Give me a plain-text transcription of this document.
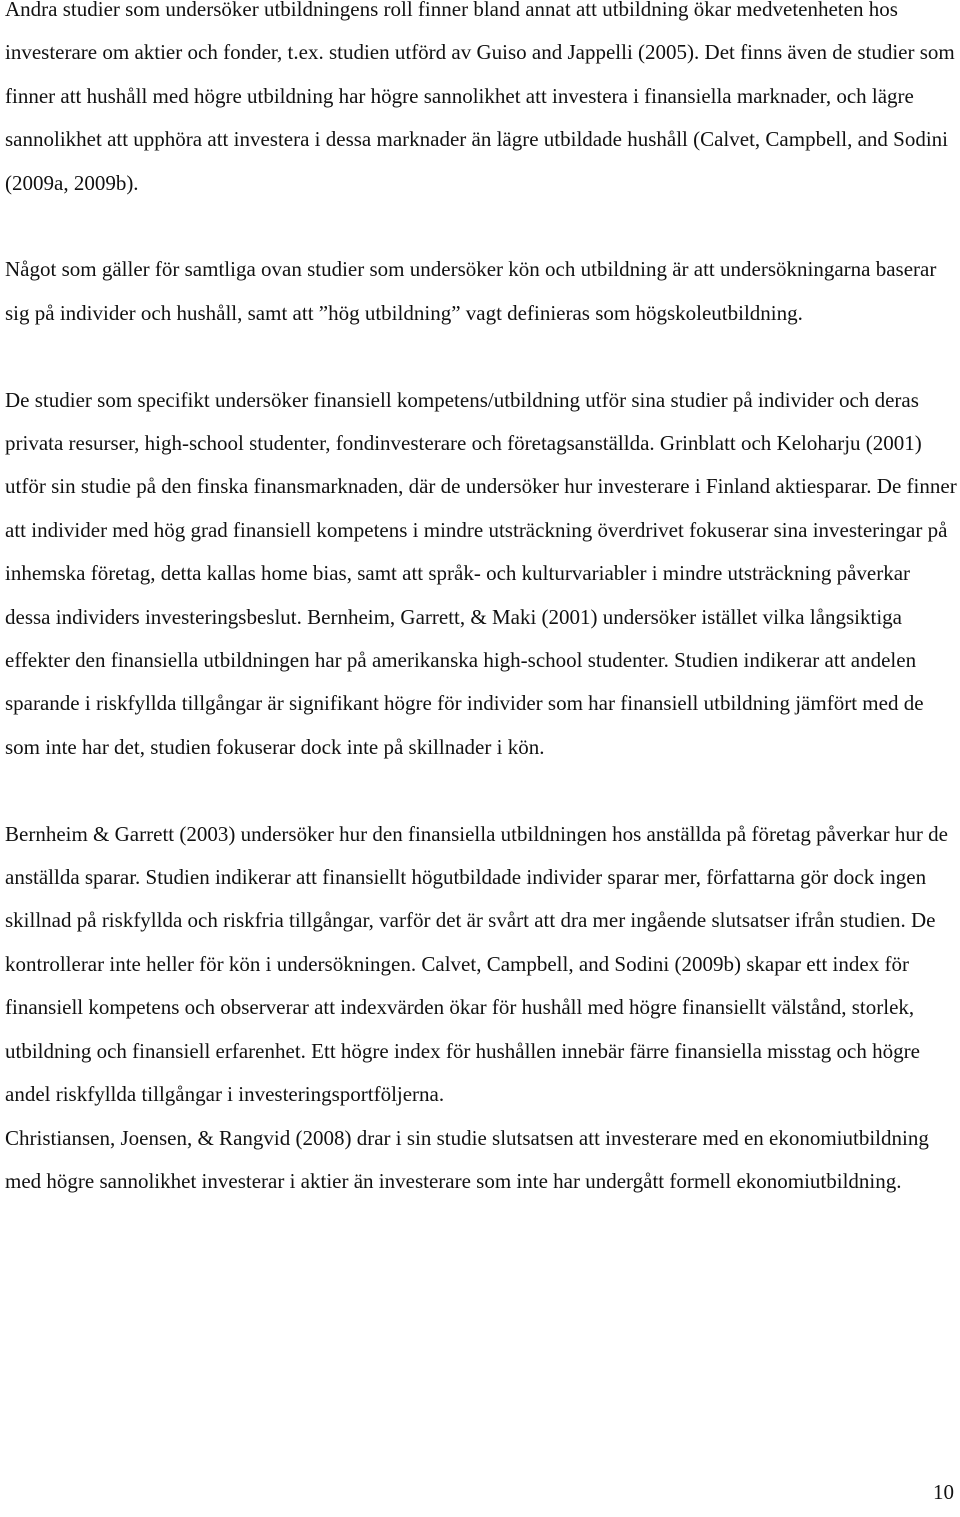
Andra studier som undersöker utbildningens roll finner bland annat att utbildning ökar medvetenheten hos investerare om aktier och fonder, t.ex. studien utförd av Guiso and Jappelli (2005). Det finns även de studier som finner att hushåll med högre utbildning har högre sannolikhet att investera i finansiella marknader, och lägre sannolikhet att upphöra att investera i dessa marknader än lägre utbildade hushåll (Calvet, Campbell, and Sodini (2009a, 2009b).

Något som gäller för samtliga ovan studier som undersöker kön och utbildning är att undersökningarna baserar sig på individer och hushåll, samt att ”hög utbildning” vagt definieras som högskoleutbildning.

De studier som specifikt undersöker finansiell kompetens/utbildning utför sina studier på individer och deras privata resurser, high-school studenter, fondinvesterare och företagsanställda. Grinblatt och Keloharju (2001) utför sin studie på den finska finansmarknaden, där de undersöker hur investerare i Finland aktiesparar. De finner att individer med hög grad finansiell kompetens i mindre utsträckning överdrivet fokuserar sina investeringar på inhemska företag, detta kallas home bias, samt att språk- och kulturvariabler i mindre utsträckning påverkar dessa individers investeringsbeslut. Bernheim, Garrett, & Maki (2001) undersöker istället vilka långsiktiga effekter den finansiella utbildningen har på amerikanska high-school studenter. Studien indikerar att andelen sparande i riskfyllda tillgångar är signifikant högre för individer som har finansiell utbildning jämfört med de som inte har det, studien fokuserar dock inte på skillnader i kön.

Bernheim & Garrett (2003) undersöker hur den finansiella utbildningen hos anställda på företag påverkar hur de anställda sparar. Studien indikerar att finansiellt högutbildade individer sparar mer, författarna gör dock ingen skillnad på riskfyllda och riskfria tillgångar, varför det är svårt att dra mer ingående slutsatser ifrån studien. De kontrollerar inte heller för kön i undersökningen. Calvet, Campbell, and Sodini (2009b) skapar ett index för finansiell kompetens och observerar att indexvärden ökar för hushåll med högre finansiellt välstånd, storlek, utbildning och finansiell erfarenhet. Ett högre index för hushållen innebär färre finansiella misstag och högre andel riskfyllda tillgångar i investeringsportföljerna.

Christiansen, Joensen, & Rangvid (2008) drar i sin studie slutsatsen att investerare med en ekonomiutbildning med högre sannolikhet investerar i aktier än investerare som inte har undergått formell ekonomiutbildning.

10
